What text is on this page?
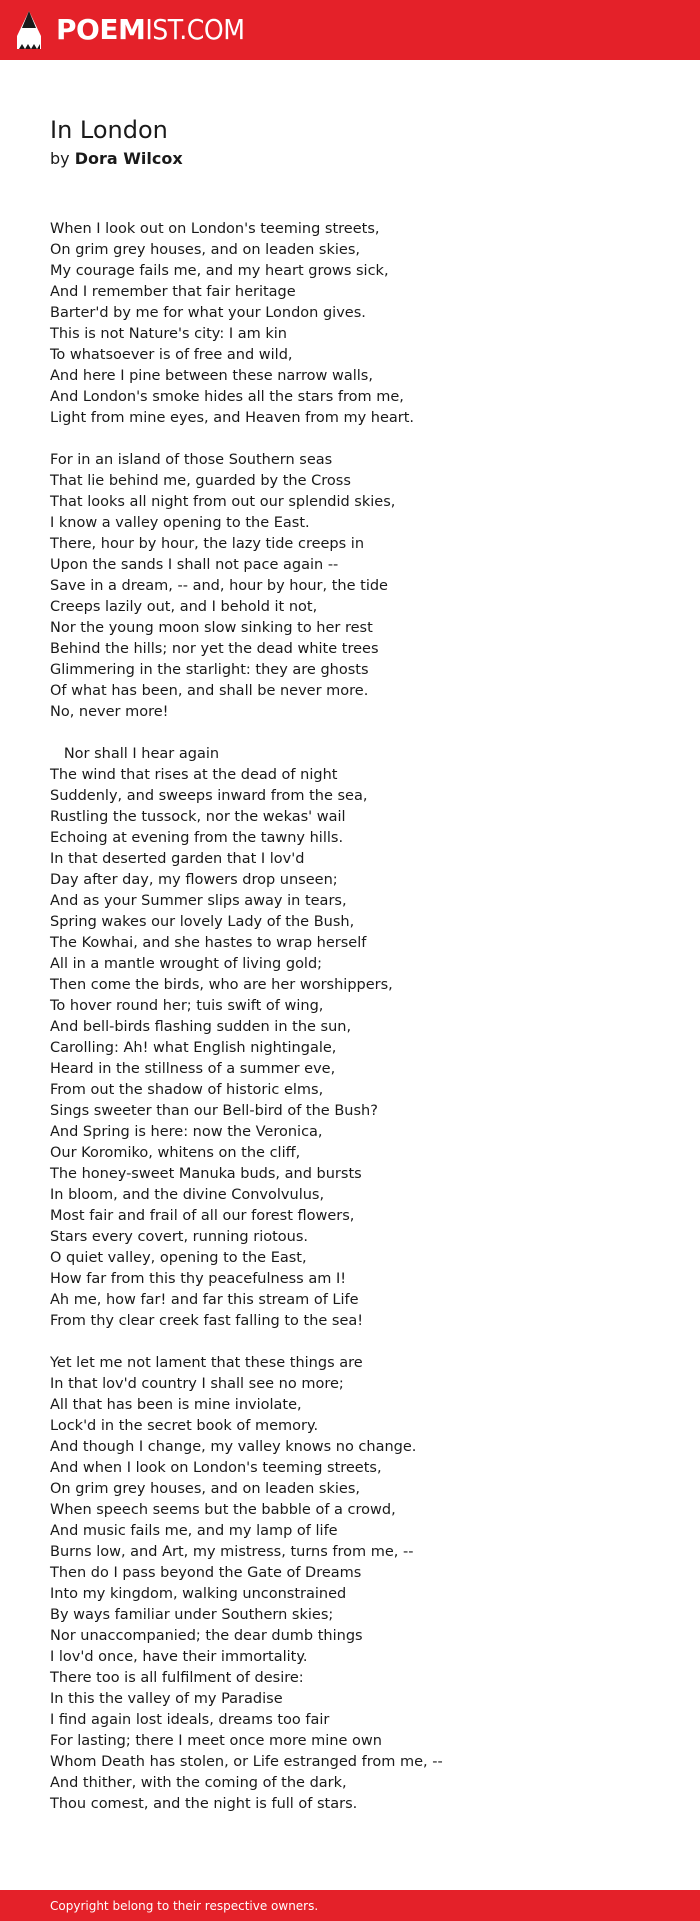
POEMIST.COM
In London
by Dora Wilcox
When I look out on London's teeming streets,
On grim grey houses, and on leaden skies,
My courage fails me, and my heart grows sick,
And I remember that fair heritage
Barter'd by me for what your London gives.
This is not Nature's city: I am kin
To whatsoever is of free and wild,
And here I pine between these narrow walls,
And London's smoke hides all the stars from me,
Light from mine eyes, and Heaven from my heart.
For in an island of those Southern seas
That lie behind me, guarded by the Cross
That looks all night from out our splendid skies,
I know a valley opening to the East.
There, hour by hour, the lazy tide creeps in
Upon the sands I shall not pace again --
Save in a dream, -- and, hour by hour, the tide
Creeps lazily out, and I behold it not,
Nor the young moon slow sinking to her rest
Behind the hills; nor yet the dead white trees
Glimmering in the starlight: they are ghosts
Of what has been, and shall be never more.
No, never more!
Nor shall I hear again
The wind that rises at the dead of night
Suddenly, and sweeps inward from the sea,
Rustling the tussock, nor the wekas' wail
Echoing at evening from the tawny hills.
In that deserted garden that I lov'd
Day after day, my flowers drop unseen;
And as your Summer slips away in tears,
Spring wakes our lovely Lady of the Bush,
The Kowhai, and she hastes to wrap herself
All in a mantle wrought of living gold;
Then come the birds, who are her worshippers,
To hover round her; tuis swift of wing,
And bell-birds flashing sudden in the sun,
Carolling: Ah! what English nightingale,
Heard in the stillness of a summer eve,
From out the shadow of historic elms,
Sings sweeter than our Bell-bird of the Bush?
And Spring is here: now the Veronica,
Our Koromiko, whitens on the cliff,
The honey-sweet Manuka buds, and bursts
In bloom, and the divine Convolvulus,
Most fair and frail of all our forest flowers,
Stars every covert, running riotous.
O quiet valley, opening to the East,
How far from this thy peacefulness am I!
Ah me, how far! and far this stream of Life
From thy clear creek fast falling to the sea!
Yet let me not lament that these things are
In that lov'd country I shall see no more;
All that has been is mine inviolate,
Lock'd in the secret book of memory.
And though I change, my valley knows no change.
And when I look on London's teeming streets,
On grim grey houses, and on leaden skies,
When speech seems but the babble of a crowd,
And music fails me, and my lamp of life
Burns low, and Art, my mistress, turns from me, --
Then do I pass beyond the Gate of Dreams
Into my kingdom, walking unconstrained
By ways familiar under Southern skies;
Nor unaccompanied; the dear dumb things
I lov'd once, have their immortality.
There too is all fulfilment of desire:
In this the valley of my Paradise
I find again lost ideals, dreams too fair
For lasting; there I meet once more mine own
Whom Death has stolen, or Life estranged from me, --
And thither, with the coming of the dark,
Thou comest, and the night is full of stars.
Copyright belong to their respective owners.
